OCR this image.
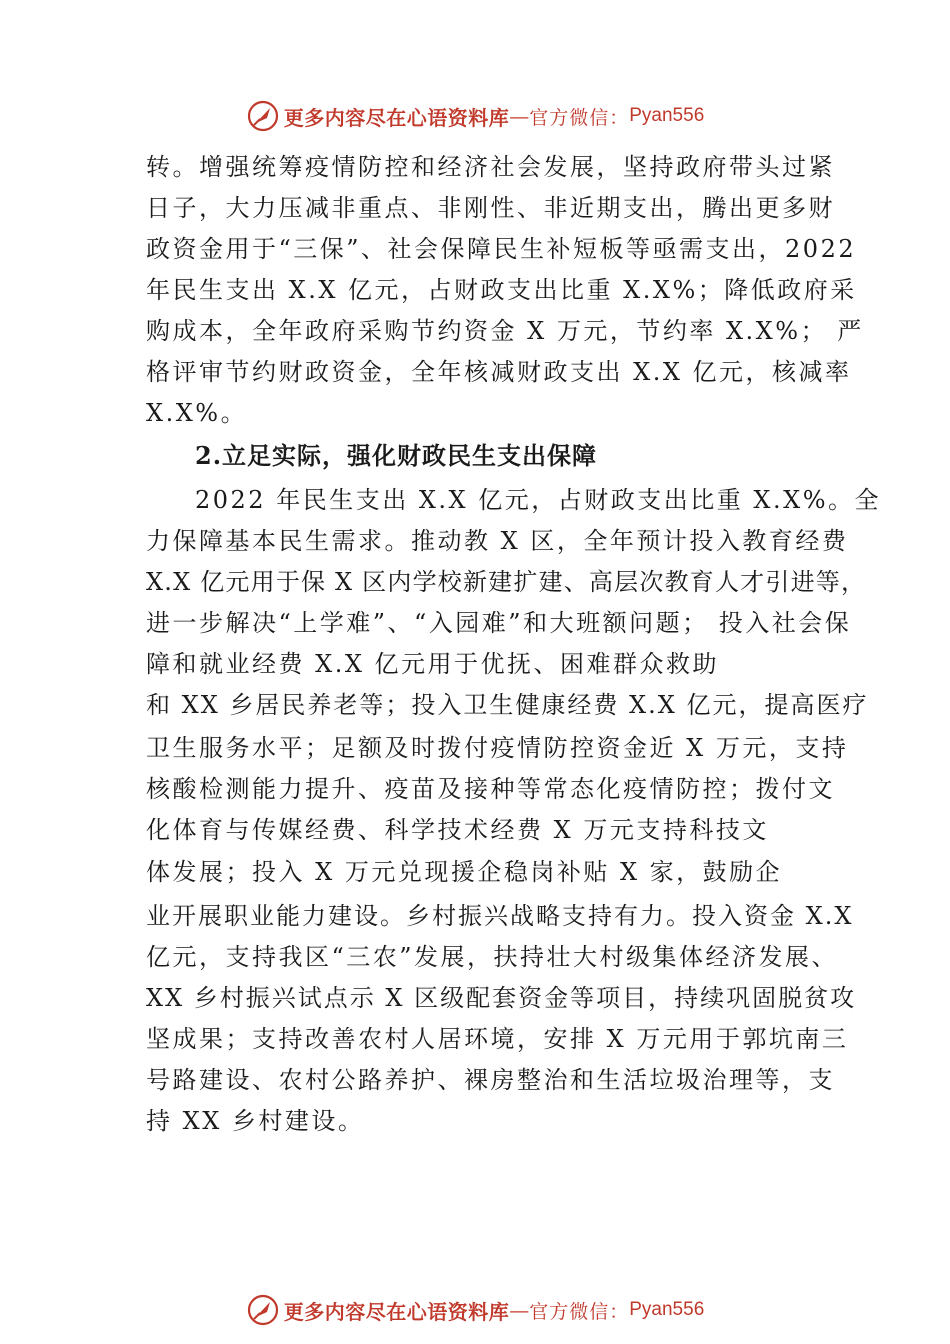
更多内容尽在心语资料库 — 官方微信： Pyan556
转。增强统筹疫情防控和经济社会发展，坚持政府带头过紧
日子，大力压减非重点、非刚性、非近期支出，腾出更多财
政资金用于“三保”、社会保障民生补短板等亟需支出，2022
年民生支出 X.X 亿元，占财政支出比重 X.X%；降低政府采
购成本，全年政府采购节约资金 X 万元，节约率 X.X%； 严
格评审节约财政资金，全年核减财政支出 X.X 亿元，核减率
X.X%。
2.立足实际，强化财政民生支出保障
2022 年民生支出 X.X 亿元，占财政支出比重 X.X%。全
力保障基本民生需求。推动教 X 区，全年预计投入教育经费
X.X 亿元用于保 X 区内学校新建扩建、高层次教育人才引进等，
进一步解决“上学难”、“入园难”和大班额问题； 投入社会保
障和就业经费 X.X 亿元用于优抚、困难群众救助
和 XX 乡居民养老等；投入卫生健康经费 X.X 亿元，提高医疗
卫生服务水平；足额及时拨付疫情防控资金近 X 万元，支持
核酸检测能力提升、疫苗及接种等常态化疫情防控；拨付文
化体育与传媒经费、科学技术经费 X 万元支持科技文
体发展；投入 X 万元兑现援企稳岗补贴 X 家，鼓励企
业开展职业能力建设。乡村振兴战略支持有力。投入资金 X.X
亿元，支持我区“三农”发展，扶持壮大村级集体经济发展、
XX 乡村振兴试点示 X 区级配套资金等项目，持续巩固脱贫攻
坚成果；支持改善农村人居环境，安排 X 万元用于郭坑南三
号路建设、农村公路养护、裸房整治和生活垃圾治理等，支
持 XX 乡村建设。
更多内容尽在心语资料库 — 官方微信： Pyan556
